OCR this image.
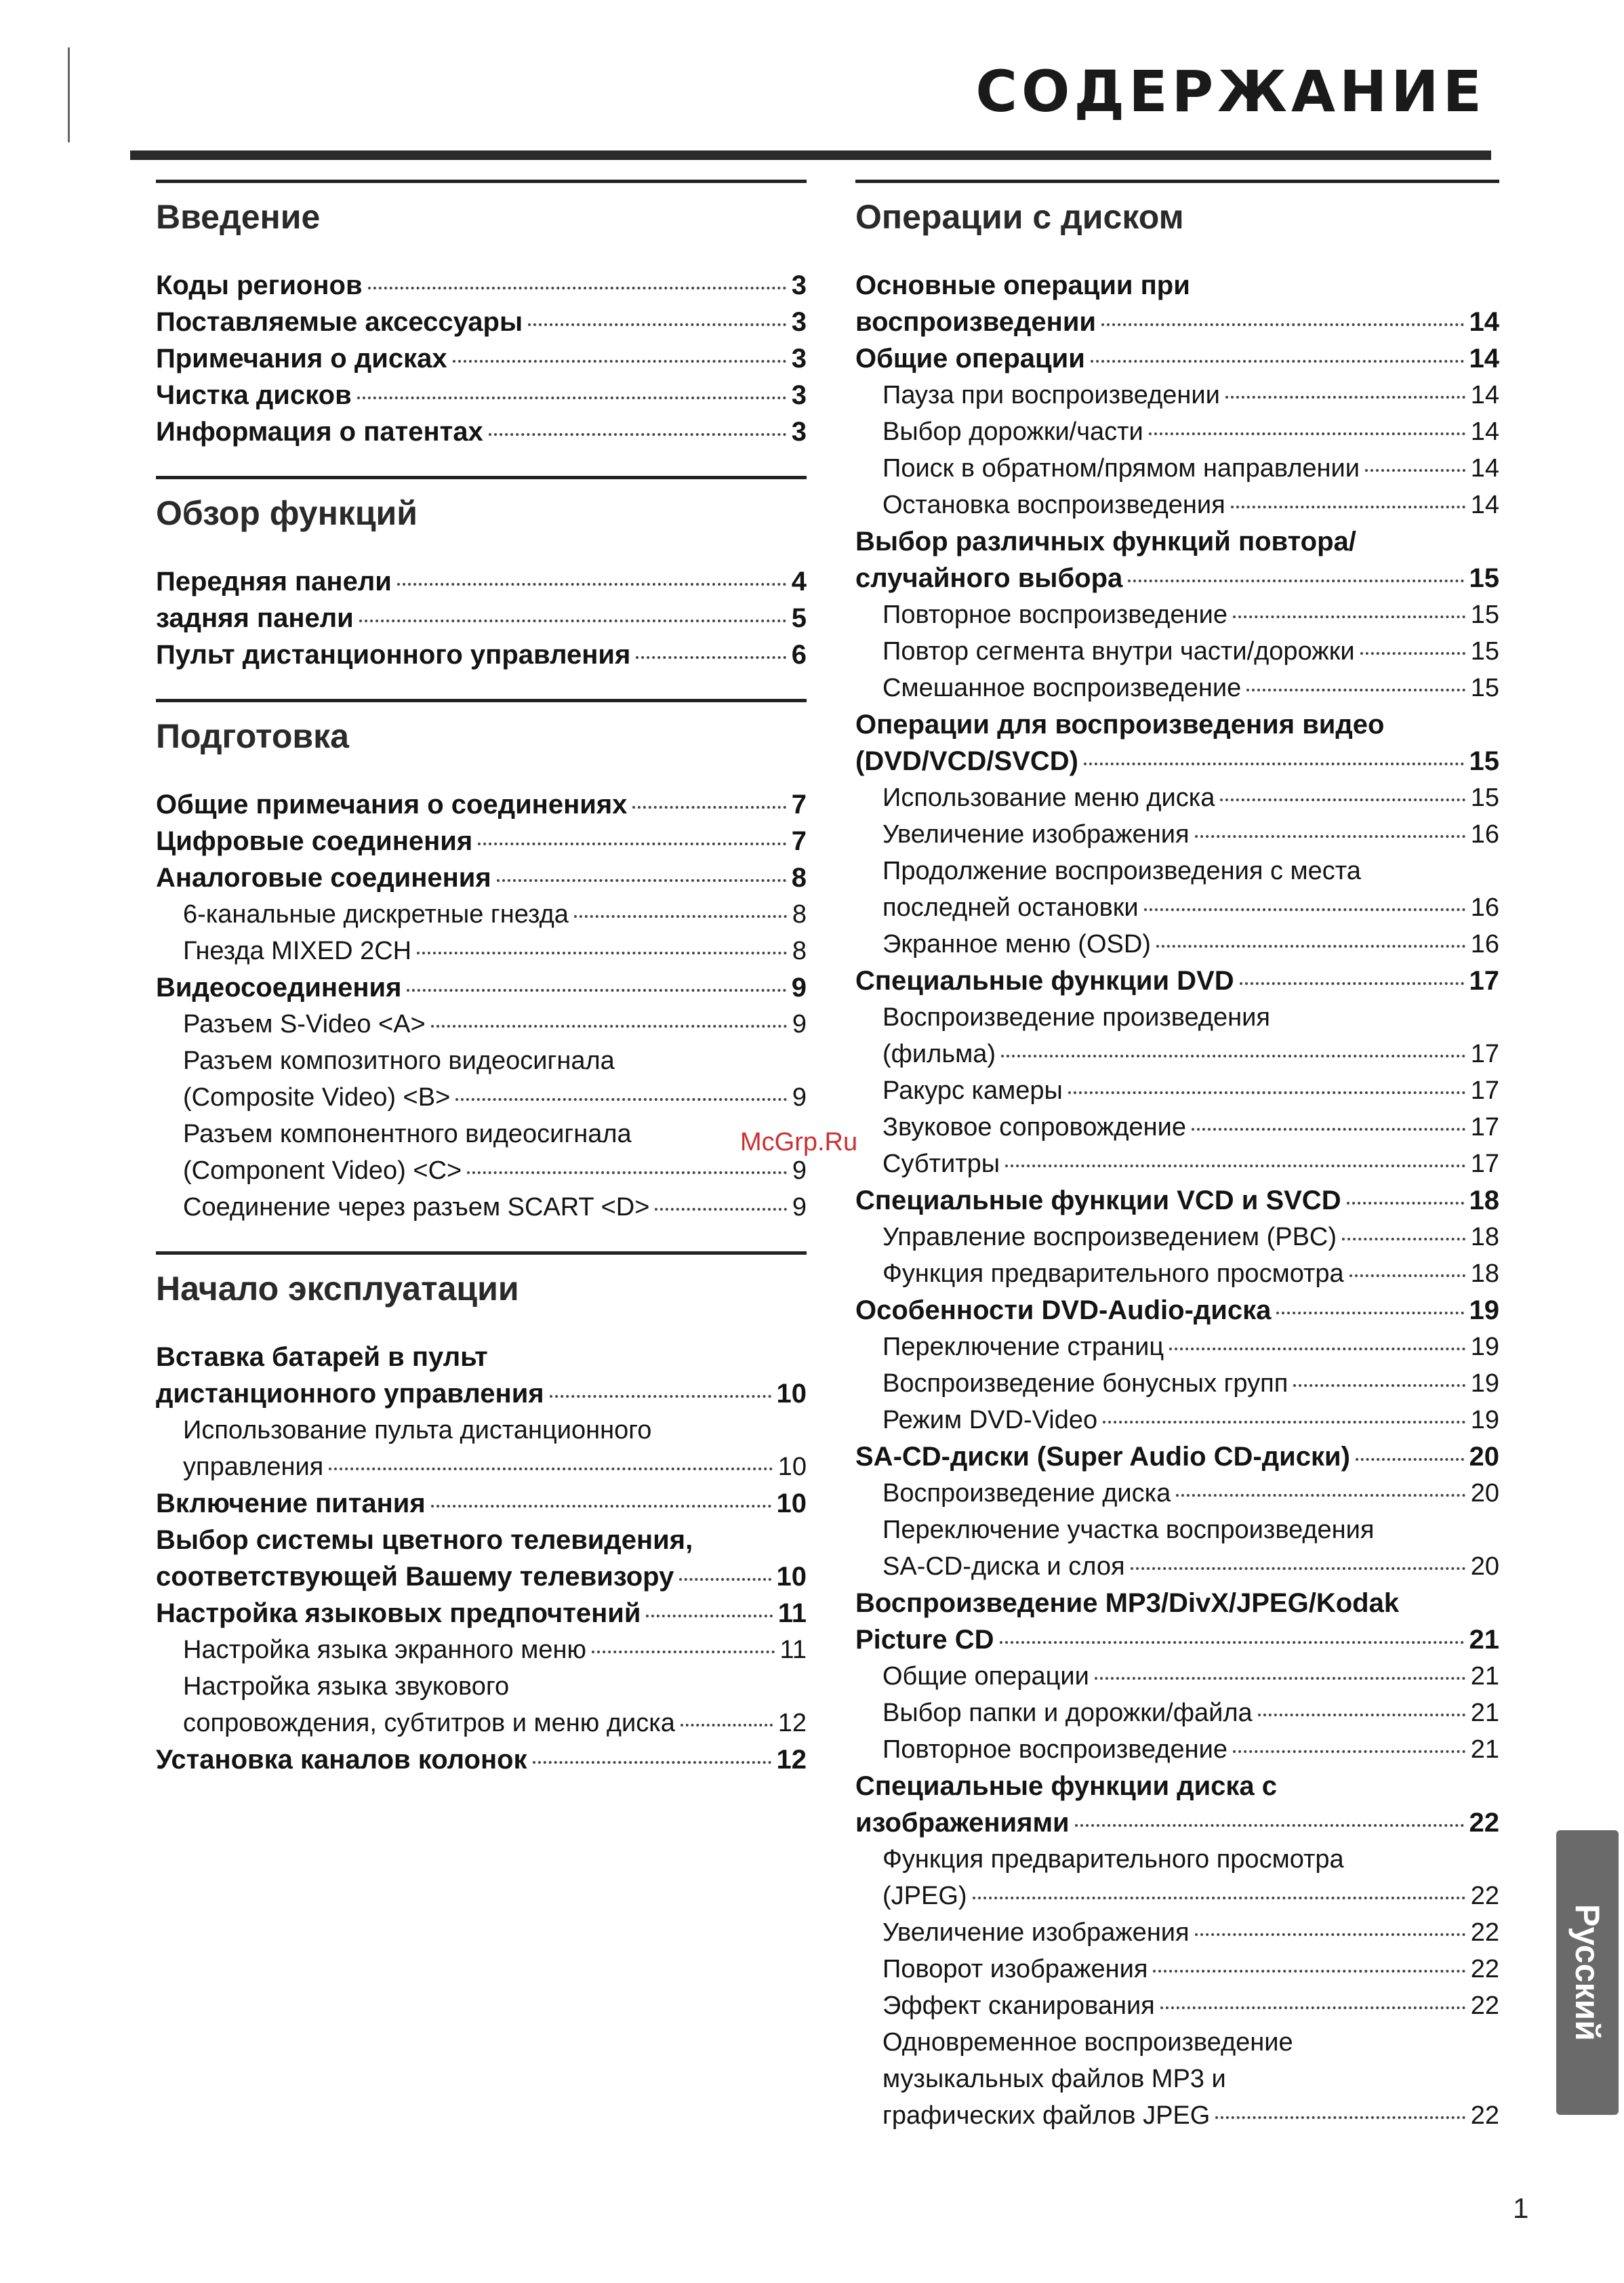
СОДЕРЖАНИЕ
Введение
Коды регионов	3
Поставляемые аксессуары	3
Примечания о дисках	3
Чистка дисков	3
Информация о патентах	3
Обзор функций
Передняя панели	4
задняя панели	5
Пульт дистанционного управления	6
Подготовка
Общие примечания о соединениях	7
Цифровые соединения	7
Аналоговые соединения	8
6-канальные дискретные гнезда	8
Гнезда MIXED 2CH	8
Видеосоединения	9
Разъем S-Video <A>	9
Разъем композитного видеосигнала
(Composite Video) <B>	9
Разъем компонентного видеосигнала
(Component Video) <C>	9
Соединение через разъем SCART <D>	9
Начало эксплуатации
Вставка батарей в пульт
дистанционного управления	10
Использование пульта дистанционного
управления	10
Включение питания	10
Выбор системы цветного телевидения,
соответствующей Вашему телевизору	10
Настройка языковых предпочтений	11
Настройка языка экранного меню	11
Настройка языка звукового
сопровождения, субтитров и меню диска	12
Установка каналов колонок	12
Операции с диском
Основные операции при
воспроизведении	14
Общие операции	14
Пауза при воспроизведении	14
Выбор дорожки/части	14
Поиск в обратном/прямом направлении	14
Остановка воспроизведения	14
Выбор различных функций повтора/
случайного выбора	15
Повторное воспроизведение	15
Повтор сегмента внутри части/дорожки	15
Смешанное воспроизведение	15
Операции для воспроизведения видео
(DVD/VCD/SVCD)	15
Использование меню диска	15
Увеличение изображения	16
Продолжение воспроизведения с места
последней остановки	16
Экранное меню (OSD)	16
Специальные функции DVD	17
Воспроизведение произведения
(фильма)	17
Ракурс камеры	17
Звуковое сопровождение	17
Субтитры	17
Специальные функции VCD и SVCD	18
Управление воспроизведением (PBC)	18
Функция предварительного просмотра	18
Особенности DVD-Audio-диска	19
Переключение страниц	19
Воспроизведение бонусных групп	19
Режим DVD-Video	19
SA-CD-диски (Super Audio CD-диски)	20
Воспроизведение диска	20
Переключение участка воспроизведения
SA-CD-диска и слоя	20
Воспроизведение MP3/DivX/JPEG/Kodak
Picture CD	21
Общие операции	21
Выбор папки и дорожки/файла	21
Повторное воспроизведение	21
Специальные функции диска с
изображениями	22
Функция предварительного просмотра
(JPEG)	22
Увеличение изображения	22
Поворот изображения	22
Эффект сканирования	22
Одновременное воспроизведение
музыкальных файлов MP3 и
графических файлов JPEG	22
McGrp.Ru
Русский
1
